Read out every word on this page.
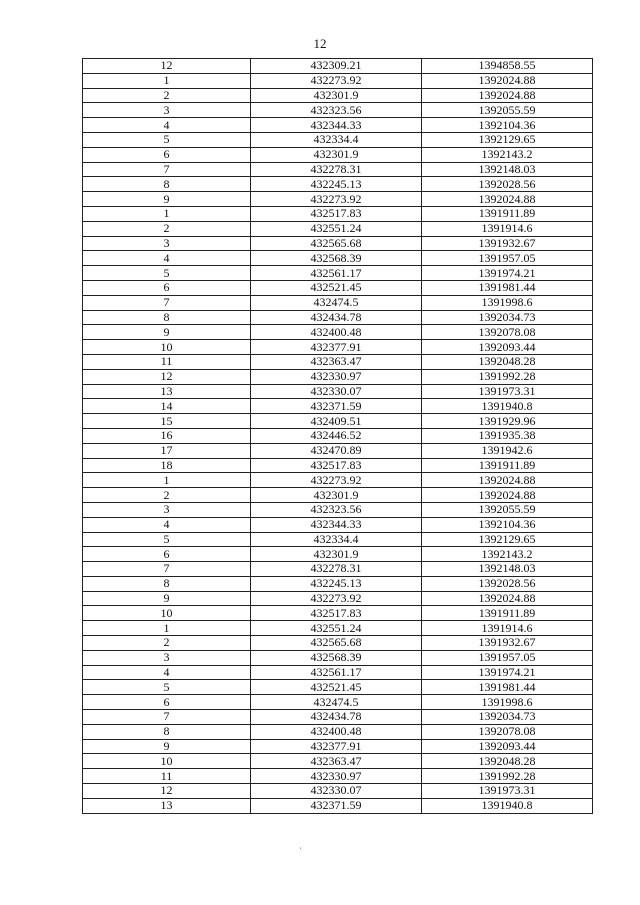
12
12	432309.21	1394858.55
1	432273.92	1392024.88
2	432301.9	1392024.88
3	432323.56	1392055.59
4	432344.33	1392104.36
5	432334.4	1392129.65
6	432301.9	1392143.2
7	432278.31	1392148.03
8	432245.13	1392028.56
9	432273.92	1392024.88
1	432517.83	1391911.89
2	432551.24	1391914.6
3	432565.68	1391932.67
4	432568.39	1391957.05
5	432561.17	1391974.21
6	432521.45	1391981.44
7	432474.5	1391998.6
8	432434.78	1392034.73
9	432400.48	1392078.08
10	432377.91	1392093.44
11	432363.47	1392048.28
12	432330.97	1391992.28
13	432330.07	1391973.31
14	432371.59	1391940.8
15	432409.51	1391929.96
16	432446.52	1391935.38
17	432470.89	1391942.6
18	432517.83	1391911.89
1	432273.92	1392024.88
2	432301.9	1392024.88
3	432323.56	1392055.59
4	432344.33	1392104.36
5	432334.4	1392129.65
6	432301.9	1392143.2
7	432278.31	1392148.03
8	432245.13	1392028.56
9	432273.92	1392024.88
10	432517.83	1391911.89
1	432551.24	1391914.6
2	432565.68	1391932.67
3	432568.39	1391957.05
4	432561.17	1391974.21
5	432521.45	1391981.44
6	432474.5	1391998.6
7	432434.78	1392034.73
8	432400.48	1392078.08
9	432377.91	1392093.44
10	432363.47	1392048.28
11	432330.97	1391992.28
12	432330.07	1391973.31
13	432371.59	1391940.8
'
